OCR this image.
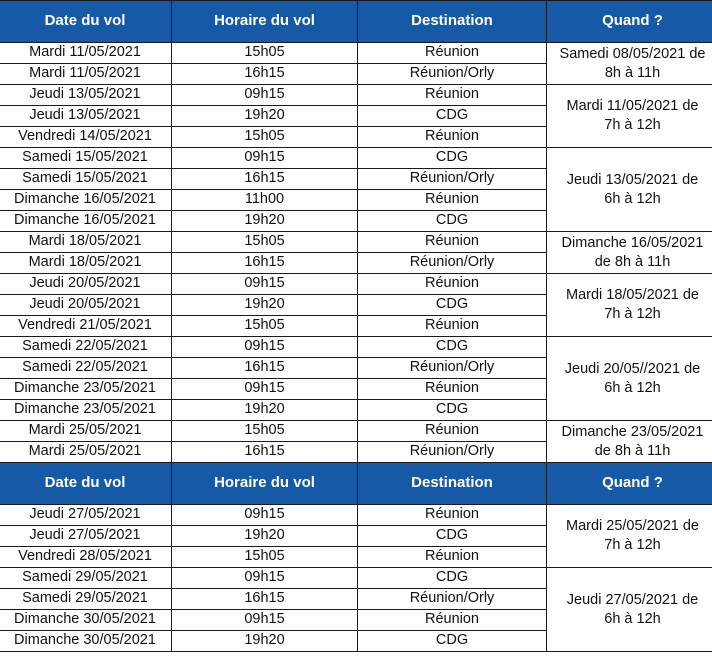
Date du vol	Horaire du vol	Destination	Quand ?
Mardi 11/05/2021	15h05	Réunion	Samedi 08/05/2021 de
8h à 11h
Mardi 11/05/2021	16h15	Réunion/Orly	
Jeudi 13/05/2021	09h15	Réunion	Mardi 11/05/2021 de
7h à 12h
Jeudi 13/05/2021	19h20	CDG	
Vendredi 14/05/2021	15h05	Réunion	
Samedi 15/05/2021	09h15	CDG	Jeudi 13/05/2021 de
6h à 12h
Samedi 15/05/2021	16h15	Réunion/Orly	
Dimanche 16/05/2021	11h00	Réunion	
Dimanche 16/05/2021	19h20	CDG	
Mardi 18/05/2021	15h05	Réunion	Dimanche 16/05/2021
de 8h à 11h
Mardi 18/05/2021	16h15	Réunion/Orly	
Jeudi 20/05/2021	09h15	Réunion	Mardi 18/05/2021 de
7h à 12h
Jeudi 20/05/2021	19h20	CDG	
Vendredi 21/05/2021	15h05	Réunion	
Samedi 22/05/2021	09h15	CDG	Jeudi 20/05//2021 de
6h à 12h
Samedi 22/05/2021	16h15	Réunion/Orly	
Dimanche 23/05/2021	09h15	Réunion	
Dimanche 23/05/2021	19h20	CDG	
Mardi 25/05/2021	15h05	Réunion	Dimanche 23/05/2021
de 8h à 11h
Mardi 25/05/2021	16h15	Réunion/Orly	
Date du vol	Horaire du vol	Destination	Quand ?
Jeudi 27/05/2021	09h15	Réunion	Mardi 25/05/2021 de
7h à 12h
Jeudi 27/05/2021	19h20	CDG	
Vendredi 28/05/2021	15h05	Réunion	
Samedi 29/05/2021	09h15	CDG	Jeudi 27/05/2021 de
6h à 12h
Samedi 29/05/2021	16h15	Réunion/Orly	
Dimanche 30/05/2021	09h15	Réunion	
Dimanche 30/05/2021	19h20	CDG	
